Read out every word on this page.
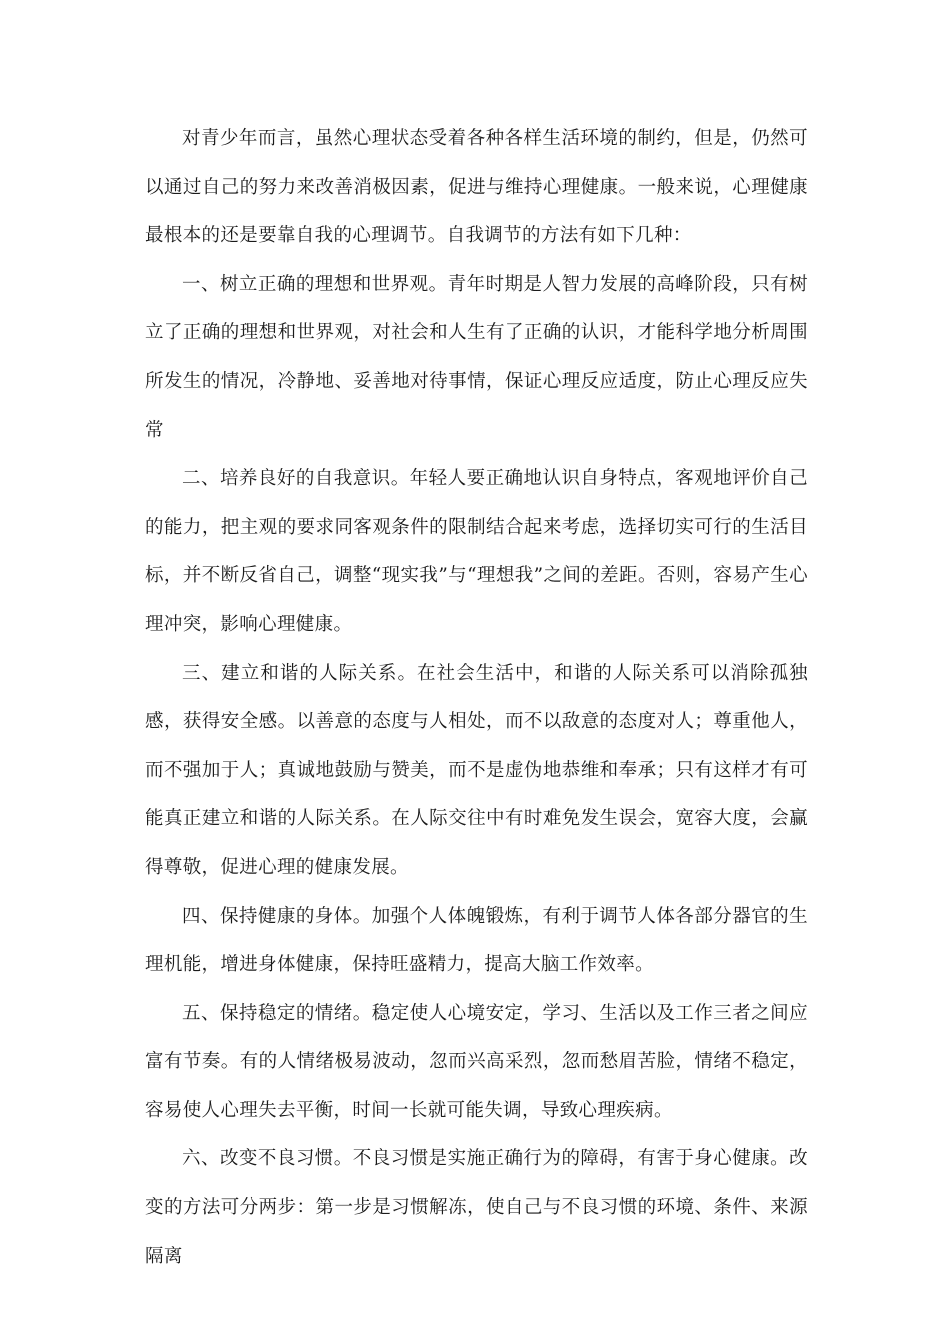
对青少年而言，虽然心理状态受着各种各样生活环境的制约，但是，仍然可以通过自己的努力来改善消极因素，促进与维持心理健康。一般来说，心理健康最根本的还是要靠自我的心理调节。自我调节的方法有如下几种：

一、树立正确的理想和世界观。青年时期是人智力发展的高峰阶段，只有树立了正确的理想和世界观，对社会和人生有了正确的认识，才能科学地分析周围所发生的情况，冷静地、妥善地对待事情，保证心理反应适度，防止心理反应失常

二、培养良好的自我意识。年轻人要正确地认识自身特点，客观地评价自己的能力，把主观的要求同客观条件的限制结合起来考虑，选择切实可行的生活目标，并不断反省自己，调整“现实我”与“理想我”之间的差距。否则，容易产生心理冲突，影响心理健康。

三、建立和谐的人际关系。在社会生活中，和谐的人际关系可以消除孤独感，获得安全感。以善意的态度与人相处，而不以敌意的态度对人；尊重他人，而不强加于人；真诚地鼓励与赞美，而不是虚伪地恭维和奉承；只有这样才有可能真正建立和谐的人际关系。在人际交往中有时难免发生误会，宽容大度，会赢得尊敬，促进心理的健康发展。

四、保持健康的身体。加强个人体魄锻炼，有利于调节人体各部分器官的生理机能，增进身体健康，保持旺盛精力，提高大脑工作效率。

五、保持稳定的情绪。稳定使人心境安定，学习、生活以及工作三者之间应富有节奏。有的人情绪极易波动，忽而兴高采烈，忽而愁眉苦脸，情绪不稳定，容易使人心理失去平衡，时间一长就可能失调，导致心理疾病。

六、改变不良习惯。不良习惯是实施正确行为的障碍，有害于身心健康。改变的方法可分两步：第一步是习惯解冻，使自己与不良习惯的环境、条件、来源隔离
